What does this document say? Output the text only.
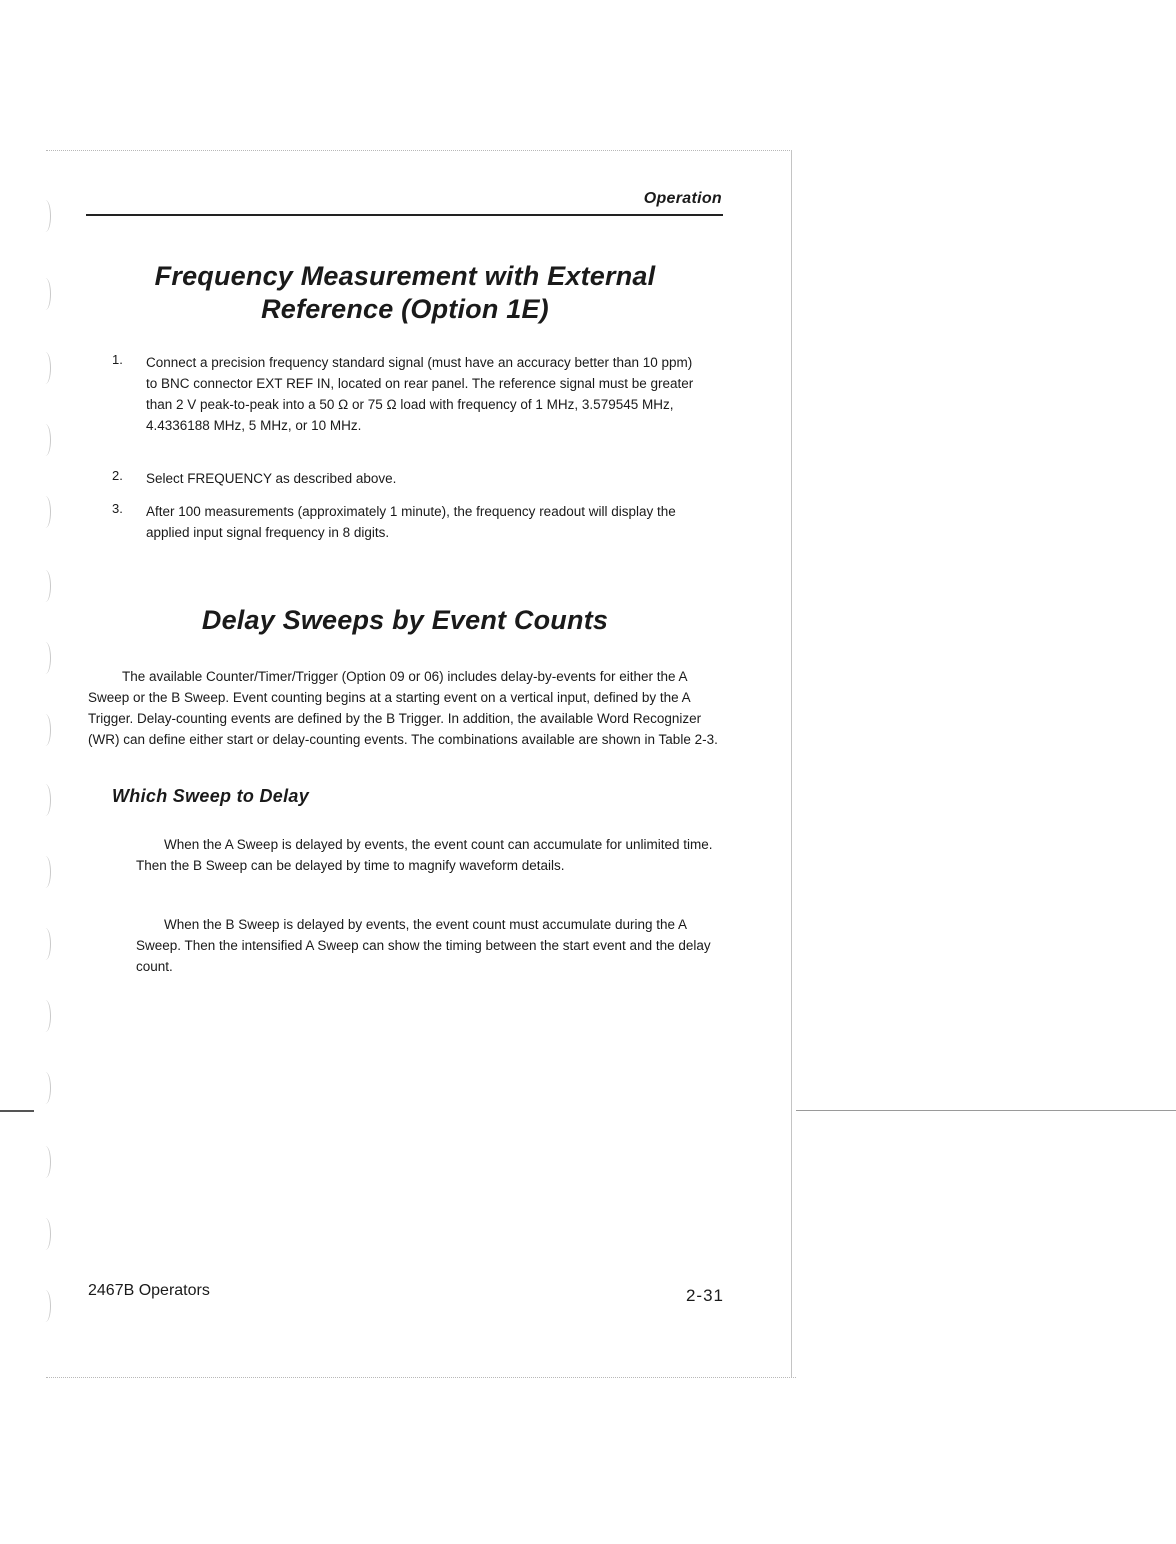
Operation
Frequency Measurement with External
Reference (Option 1E)
1. Connect a precision frequency standard signal (must have an accuracy better than 10 ppm) to BNC connector EXT REF IN, located on rear panel. The reference signal must be greater than 2 V peak-to-peak into a 50 Ω or 75 Ω load with frequency of 1 MHz, 3.579545 MHz, 4.4336188 MHz, 5 MHz, or 10 MHz.
2. Select FREQUENCY as described above.
3. After 100 measurements (approximately 1 minute), the frequency readout will display the applied input signal frequency in 8 digits.
Delay Sweeps by Event Counts
The available Counter/Timer/Trigger (Option 09 or 06) includes delay-by-events for either the A Sweep or the B Sweep. Event counting begins at a starting event on a vertical input, defined by the A Trigger. Delay-counting events are defined by the B Trigger. In addition, the available Word Recognizer (WR) can define either start or delay-counting events. The combinations available are shown in Table 2-3.
Which Sweep to Delay
When the A Sweep is delayed by events, the event count can accumulate for unlimited time. Then the B Sweep can be delayed by time to magnify waveform details.
When the B Sweep is delayed by events, the event count must accumulate during the A Sweep. Then the intensified A Sweep can show the timing between the start event and the delay count.
2467B Operators	2-31
